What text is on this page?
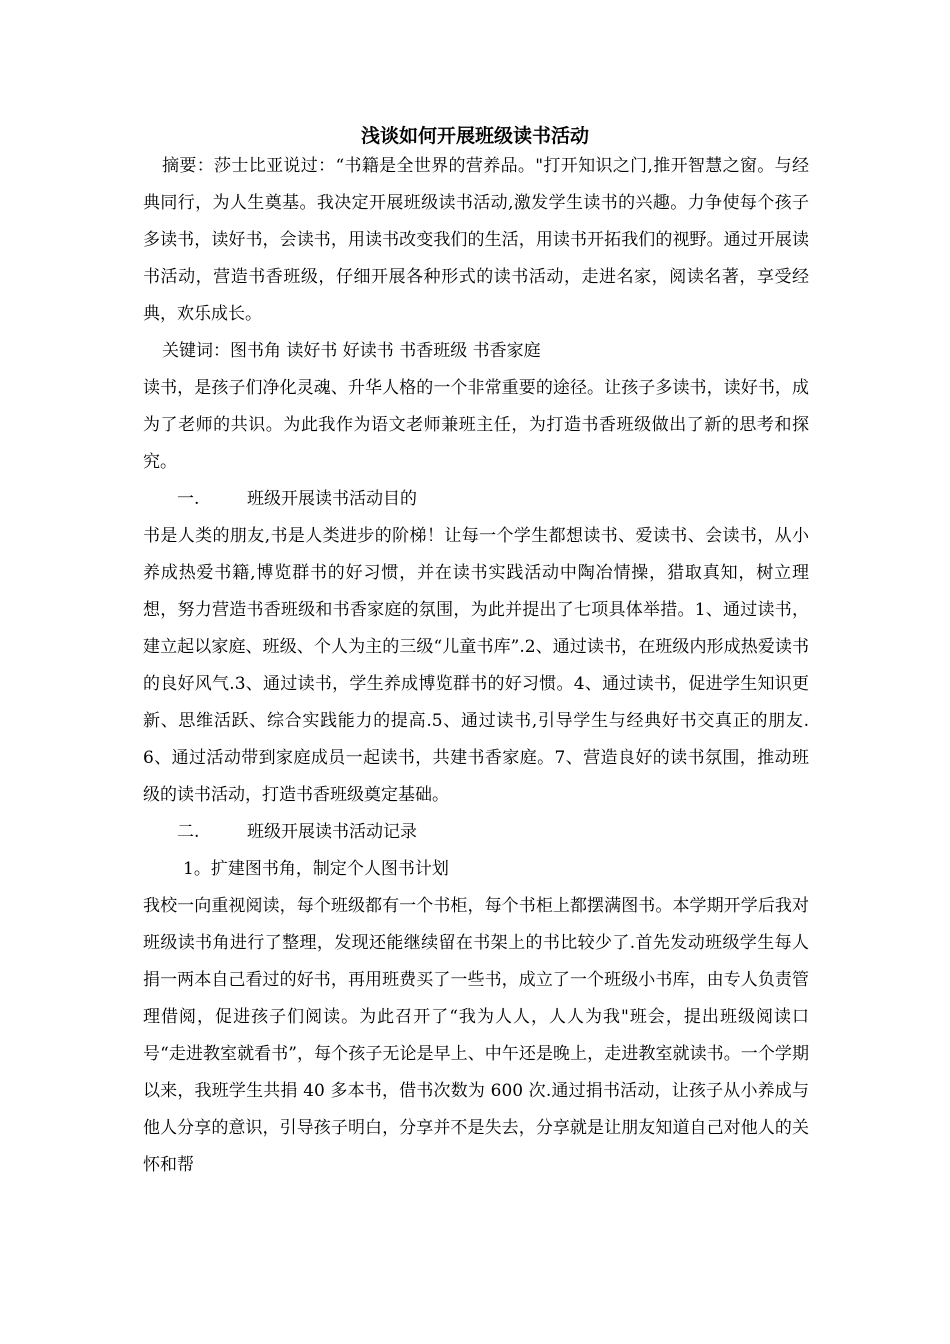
浅谈如何开展班级读书活动

摘要：莎士比亚说过：“书籍是全世界的营养品。"打开知识之门,推开智慧之窗。与经典同行，为人生奠基。我决定开展班级读书活动,激发学生读书的兴趣。力争使每个孩子多读书，读好书，会读书，用读书改变我们的生活，用读书开拓我们的视野。通过开展读书活动，营造书香班级，仔细开展各种形式的读书活动，走进名家，阅读名著，享受经典，欢乐成长。

关键词：图书角 读好书 好读书 书香班级 书香家庭

读书，是孩子们净化灵魂、升华人格的一个非常重要的途径。让孩子多读书，读好书，成为了老师的共识。为此我作为语文老师兼班主任，为打造书香班级做出了新的思考和探究。

一.	班级开展读书活动目的

书是人类的朋友,书是人类进步的阶梯！让每一个学生都想读书、爱读书、会读书，从小养成热爱书籍,博览群书的好习惯，并在读书实践活动中陶冶情操，猎取真知，树立理想，努力营造书香班级和书香家庭的氛围，为此并提出了七项具体举措。1、通过读书，建立起以家庭、班级、个人为主的三级“儿童书库”.2、通过读书，在班级内形成热爱读书的良好风气.3、通过读书，学生养成博览群书的好习惯。4、通过读书，促进学生知识更新、思维活跃、综合实践能力的提高.5、通过读书,引导学生与经典好书交真正的朋友.6、通过活动带到家庭成员一起读书，共建书香家庭。7、营造良好的读书氛围，推动班级的读书活动，打造书香班级奠定基础。

二.	班级开展读书活动记录

1。扩建图书角，制定个人图书计划

我校一向重视阅读，每个班级都有一个书柜，每个书柜上都摆满图书。本学期开学后我对班级读书角进行了整理，发现还能继续留在书架上的书比较少了.首先发动班级学生每人捐一两本自己看过的好书，再用班费买了一些书，成立了一个班级小书库，由专人负责管理借阅，促进孩子们阅读。为此召开了“我为人人，人人为我"班会，提出班级阅读口号“走进教室就看书”，每个孩子无论是早上、中午还是晚上，走进教室就读书。一个学期以来，我班学生共捐 40 多本书，借书次数为 600 次.通过捐书活动，让孩子从小养成与他人分享的意识，引导孩子明白，分享并不是失去，分享就是让朋友知道自己对他人的关怀和帮
